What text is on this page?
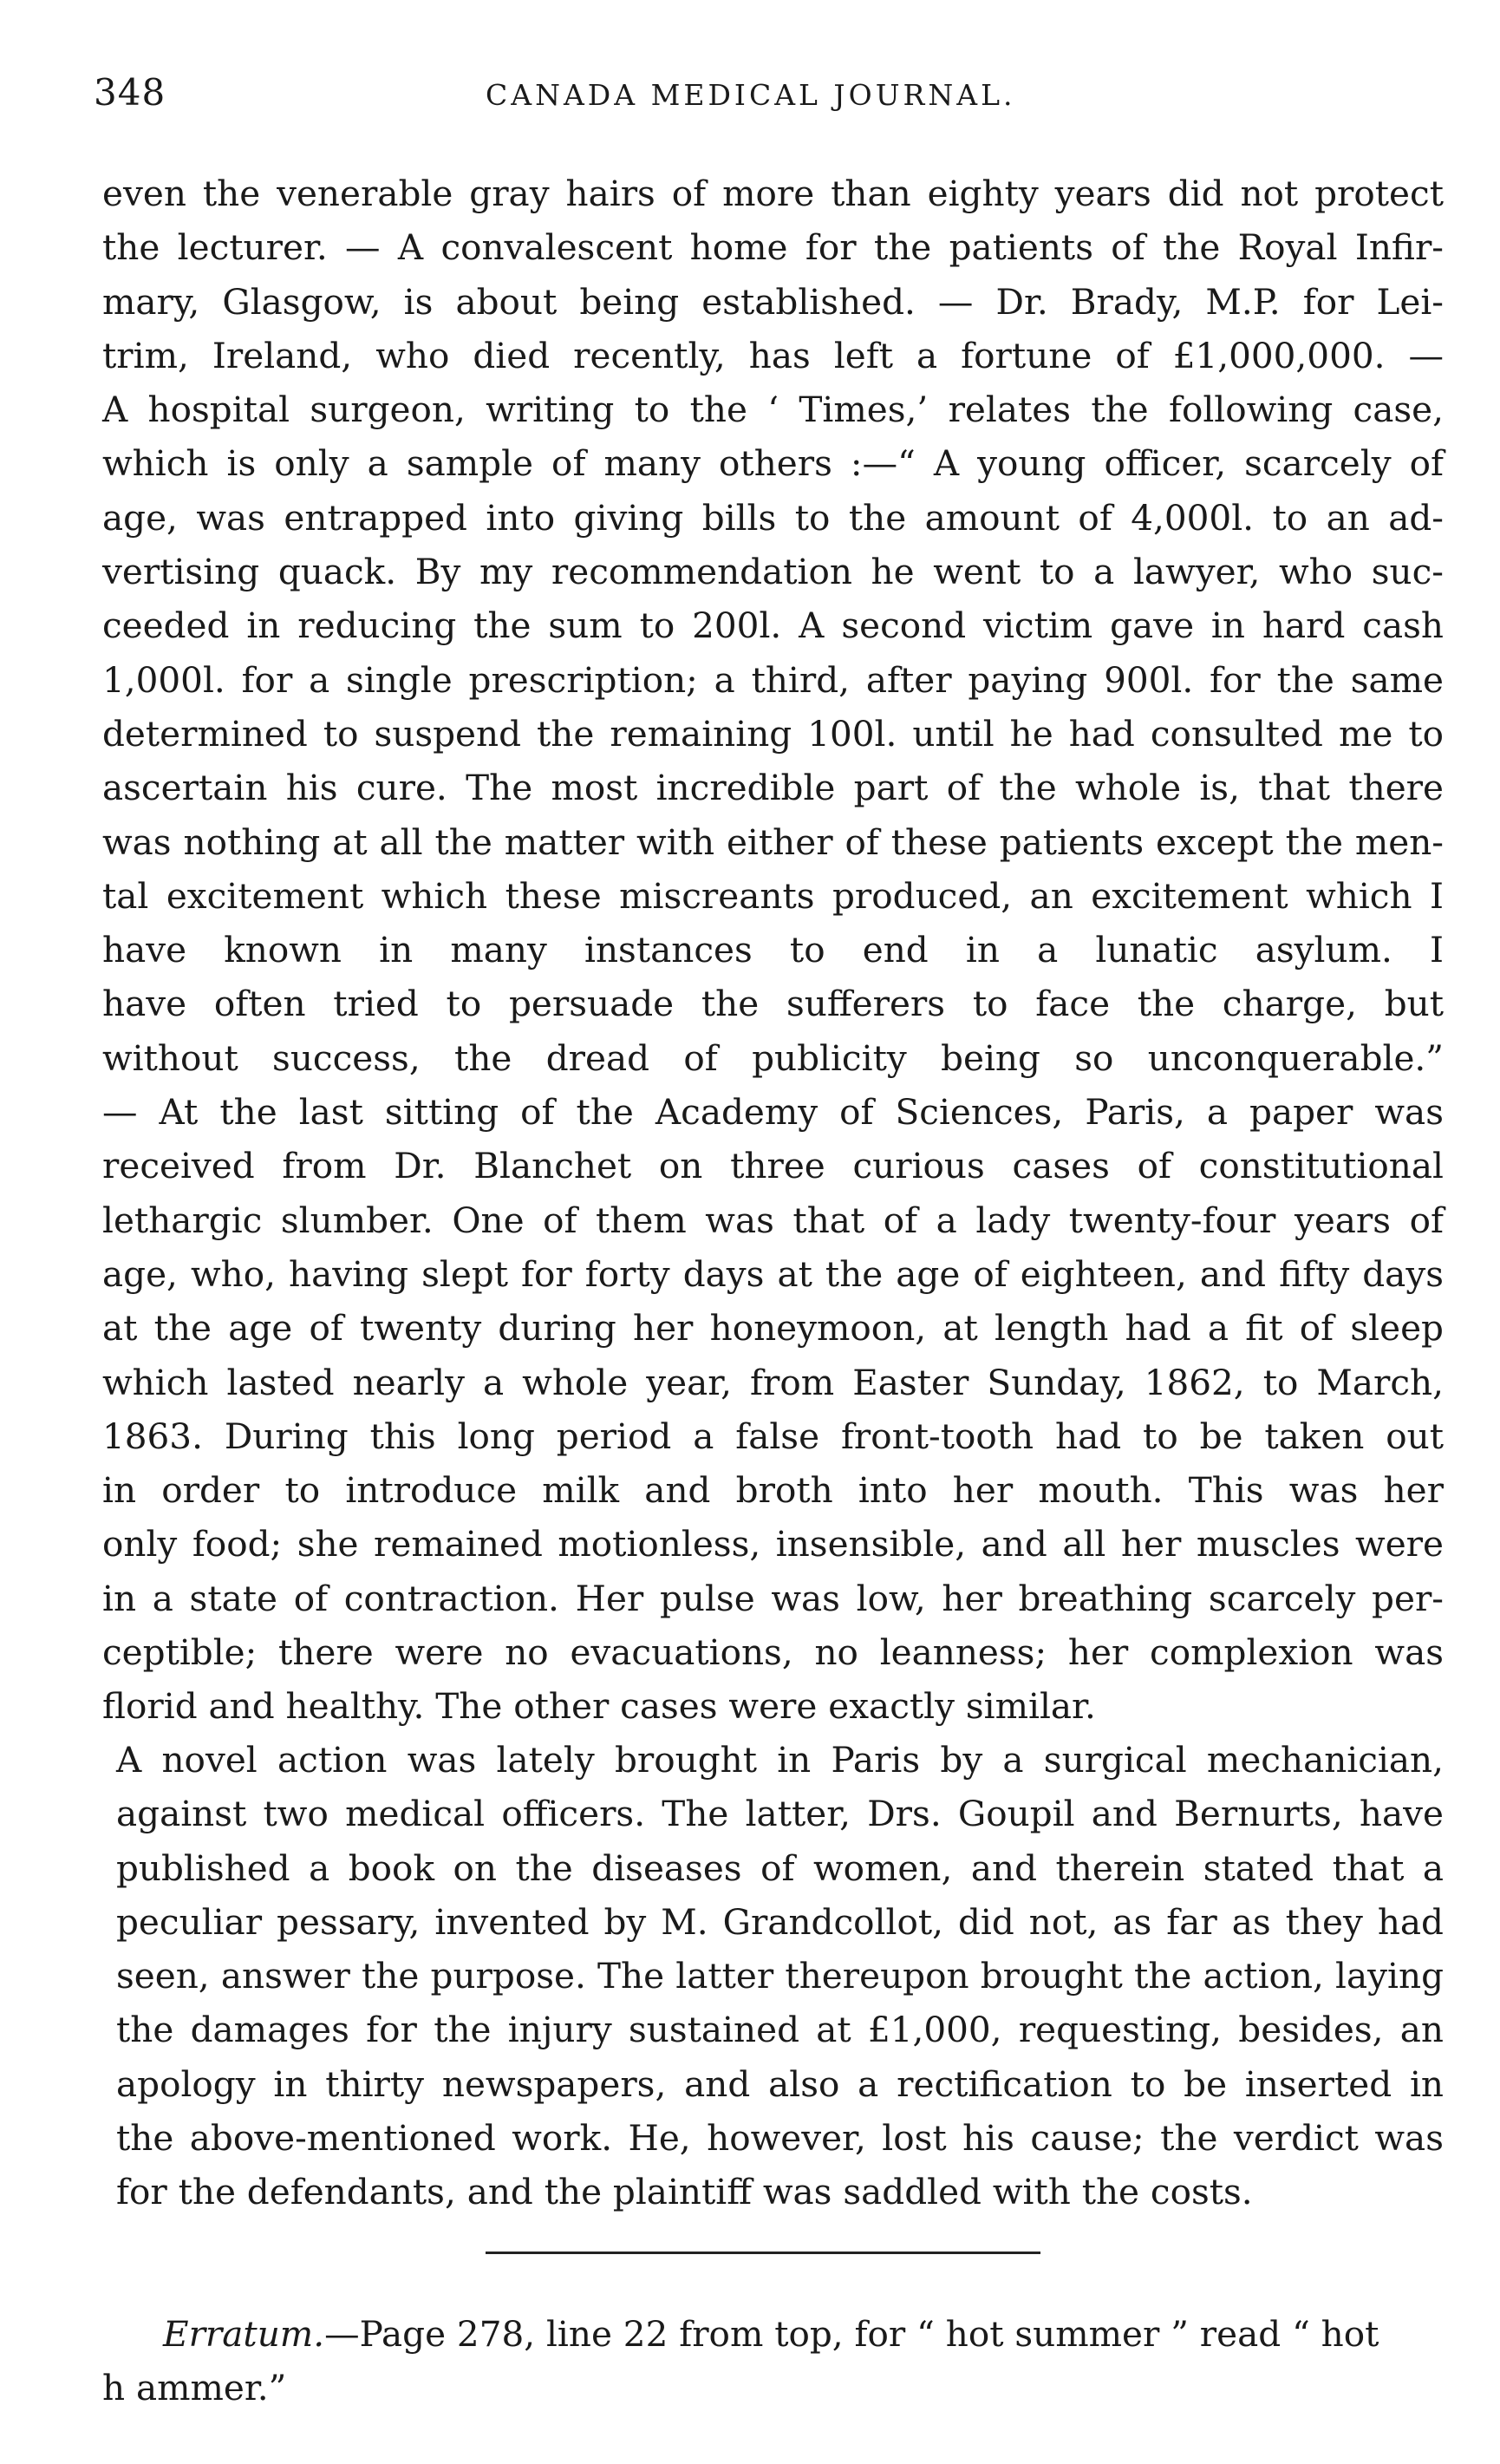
348	CANADA MEDICAL JOURNAL.
even the venerable gray hairs of more than eighty years did not protect
the lecturer. — A convalescent home for the patients of the Royal Infir-
mary, Glasgow, is about being established. — Dr. Brady, M.P. for Lei-
trim, Ireland, who died recently, has left a fortune of £1,000,000. —
A hospital surgeon, writing to the ‘ Times,’ relates the following case,
which is only a sample of many others :—“ A young officer, scarcely of
age, was entrapped into giving bills to the amount of 4,000l. to an ad-
vertising quack. By my recommendation he went to a lawyer, who suc-
ceeded in reducing the sum to 200l. A second victim gave in hard cash
1,000l. for a single prescription; a third, after paying 900l. for the same
determined to suspend the remaining 100l. until he had consulted me to
ascertain his cure. The most incredible part of the whole is, that there
was nothing at all the matter with either of these patients except the men-
tal excitement which these miscreants produced, an excitement which I
have known in many instances to end in a lunatic asylum. I
have often tried to persuade the sufferers to face the charge, but
without success, the dread of publicity being so unconquerable.”
— At the last sitting of the Academy of Sciences, Paris, a paper was
received from Dr. Blanchet on three curious cases of constitutional
lethargic slumber. One of them was that of a lady twenty-four years of
age, who, having slept for forty days at the age of eighteen, and fifty days
at the age of twenty during her honeymoon, at length had a fit of sleep
which lasted nearly a whole year, from Easter Sunday, 1862, to March,
1863. During this long period a false front-tooth had to be taken out
in order to introduce milk and broth into her mouth. This was her
only food; she remained motionless, insensible, and all her muscles were
in a state of contraction. Her pulse was low, her breathing scarcely per-
ceptible; there were no evacuations, no leanness; her complexion was
florid and healthy. The other cases were exactly similar.
A novel action was lately brought in Paris by a surgical mechanician,
against two medical officers. The latter, Drs. Goupil and Bernurts, have
published a book on the diseases of women, and therein stated that a
peculiar pessary, invented by M. Grandcollot, did not, as far as they had
seen, answer the purpose. The latter thereupon brought the action, laying
the damages for the injury sustained at £1,000, requesting, besides, an
apology in thirty newspapers, and also a rectification to be inserted in
the above-mentioned work. He, however, lost his cause; the verdict was
for the defendants, and the plaintiff was saddled with the costs.
Erratum.—Page 278, line 22 from top, for “ hot summer ” read “ hot
h ammer.”
